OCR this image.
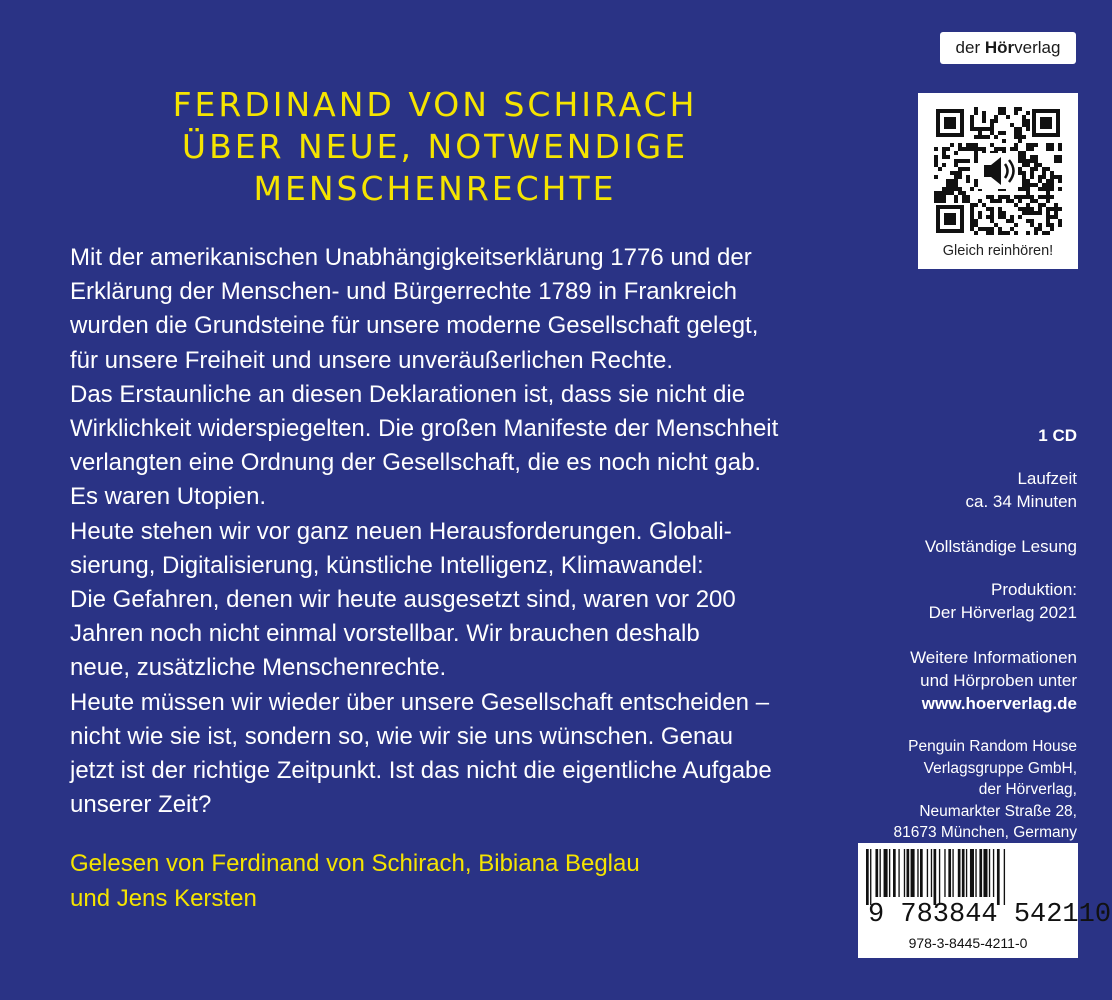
der Hörverlag
FERDINAND VON SCHIRACH
ÜBER NEUE, NOTWENDIGE
MENSCHENRECHTE
Mit der amerikanischen Unabhängigkeitserklärung 1776 und der
Erklärung der Menschen- und Bürgerrechte 1789 in Frankreich
wurden die Grundsteine für unsere moderne Gesellschaft gelegt,
für unsere Freiheit und unsere unveräußerlichen Rechte.
Das Erstaunliche an diesen Deklarationen ist, dass sie nicht die
Wirklichkeit widerspiegelten. Die großen Manifeste der Menschheit
verlangten eine Ordnung der Gesellschaft, die es noch nicht gab.
Es waren Utopien.
Heute stehen wir vor ganz neuen Herausforderungen. Globali-
sierung, Digitalisierung, künstliche Intelligenz, Klimawandel:
Die Gefahren, denen wir heute ausgesetzt sind, waren vor 200
Jahren noch nicht einmal vorstellbar. Wir brauchen deshalb
neue, zusätzliche Menschenrechte.
Heute müssen wir wieder über unsere Gesellschaft entscheiden –
nicht wie sie ist, sondern so, wie wir sie uns wünschen. Genau
jetzt ist der richtige Zeitpunkt. Ist das nicht die eigentliche Aufgabe
unserer Zeit?
Gelesen von Ferdinand von Schirach, Bibiana Beglau
und Jens Kersten
Gleich reinhören!
1 CD
Laufzeit
ca. 34 Minuten
Vollständige Lesung
Produktion:
Der Hörverlag 2021
Weitere Informationen
und Hörproben unter
www.hoerverlag.de
Penguin Random House
Verlagsgruppe GmbH,
der Hörverlag,
Neumarkter Straße 28,
81673 München, Germany
9 783844 542110
978-3-8445-4211-0
